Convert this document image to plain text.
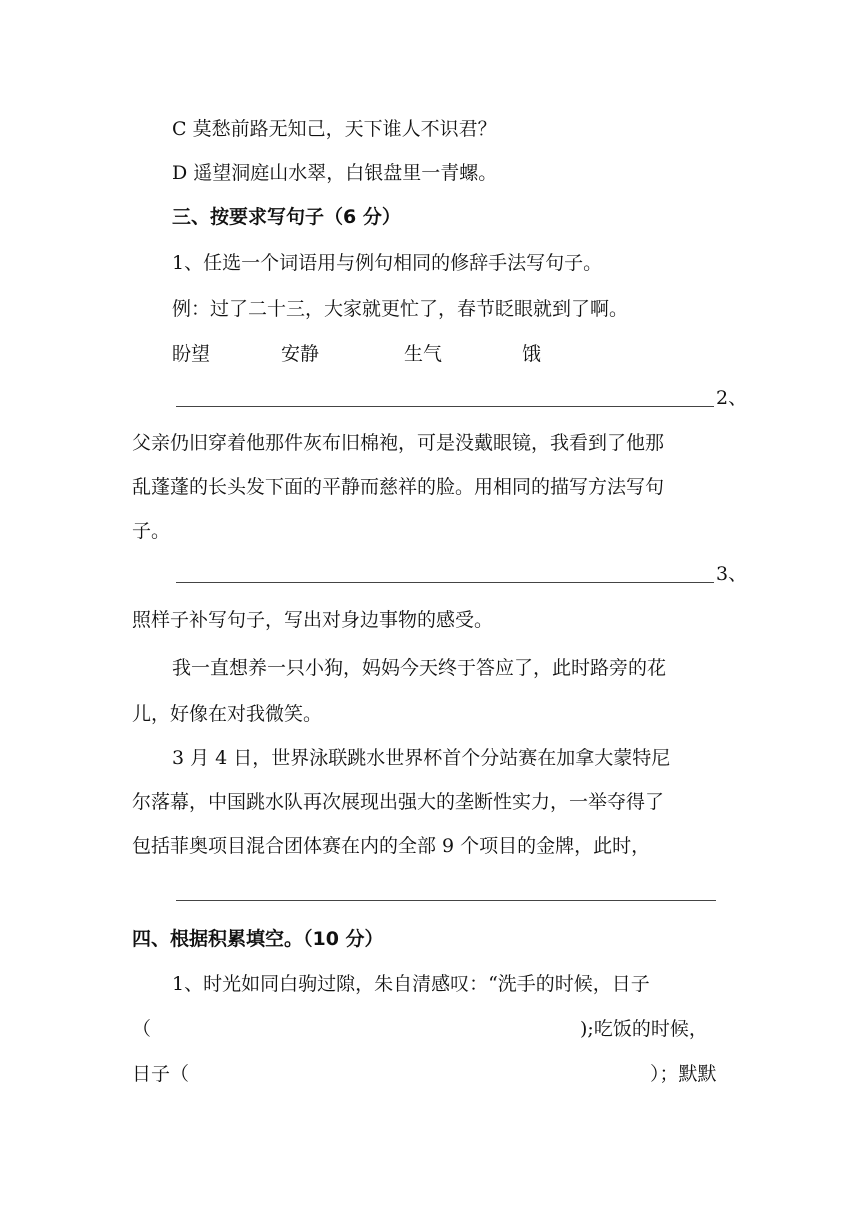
C 莫愁前路无知己，天下谁人不识君？
D 遥望洞庭山水翠，白银盘里一青螺。
三、按要求写句子（6 分）
1、任选一个词语用与例句相同的修辞手法写句子。
例：过了二十三，大家就更忙了，春节眨眼就到了啊。
盼望	安静	生气	饿
2、
父亲仍旧穿着他那件灰布旧棉袍，可是没戴眼镜，我看到了他那
乱蓬蓬的长头发下面的平静而慈祥的脸。用相同的描写方法写句
子。
3、
照样子补写句子，写出对身边事物的感受。
我一直想养一只小狗，妈妈今天终于答应了，此时路旁的花
儿，好像在对我微笑。
3 月 4 日，世界泳联跳水世界杯首个分站赛在加拿大蒙特尼
尔落幕，中国跳水队再次展现出强大的垄断性实力，一举夺得了
包括菲奥项目混合团体赛在内的全部 9 个项目的金牌，此时，
四、根据积累填空。（10 分）
1、时光如同白驹过隙，朱自清感叹：“洗手的时候，日子
（	);吃饭的时候，
日子（	）；默默
